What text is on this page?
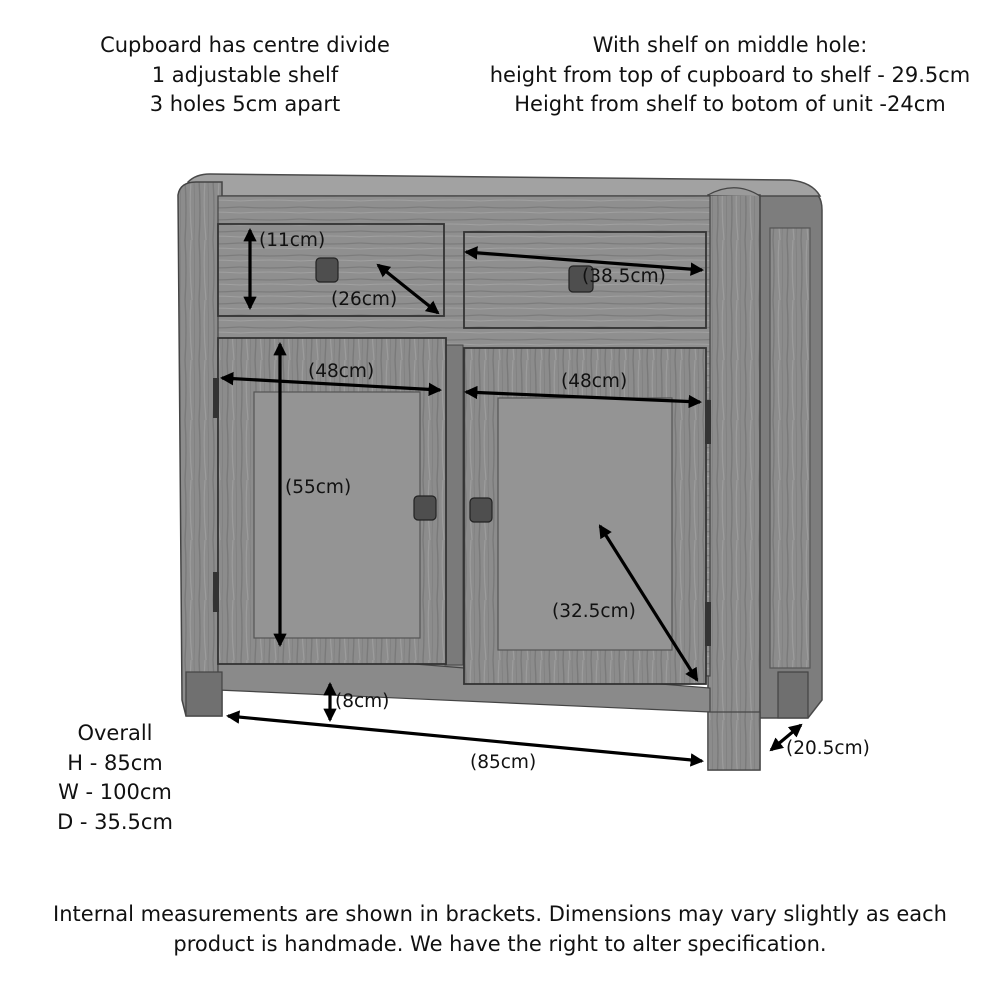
Cupboard has centre divide
1 adjustable shelf
3 holes 5cm apart
With shelf on middle hole:
height from top of cupboard to shelf - 29.5cm
Height from shelf to botom of unit -24cm
(11cm)
(26cm)
(38.5cm)
(48cm)	(48cm)
(55cm)
(32.5cm)
(8cm)
(85cm)
(20.5cm)
Overall
H - 85cm
W - 100cm
D - 35.5cm
Internal measurements are shown in brackets. Dimensions may vary slightly as each
product is handmade. We have the right to alter specification.
